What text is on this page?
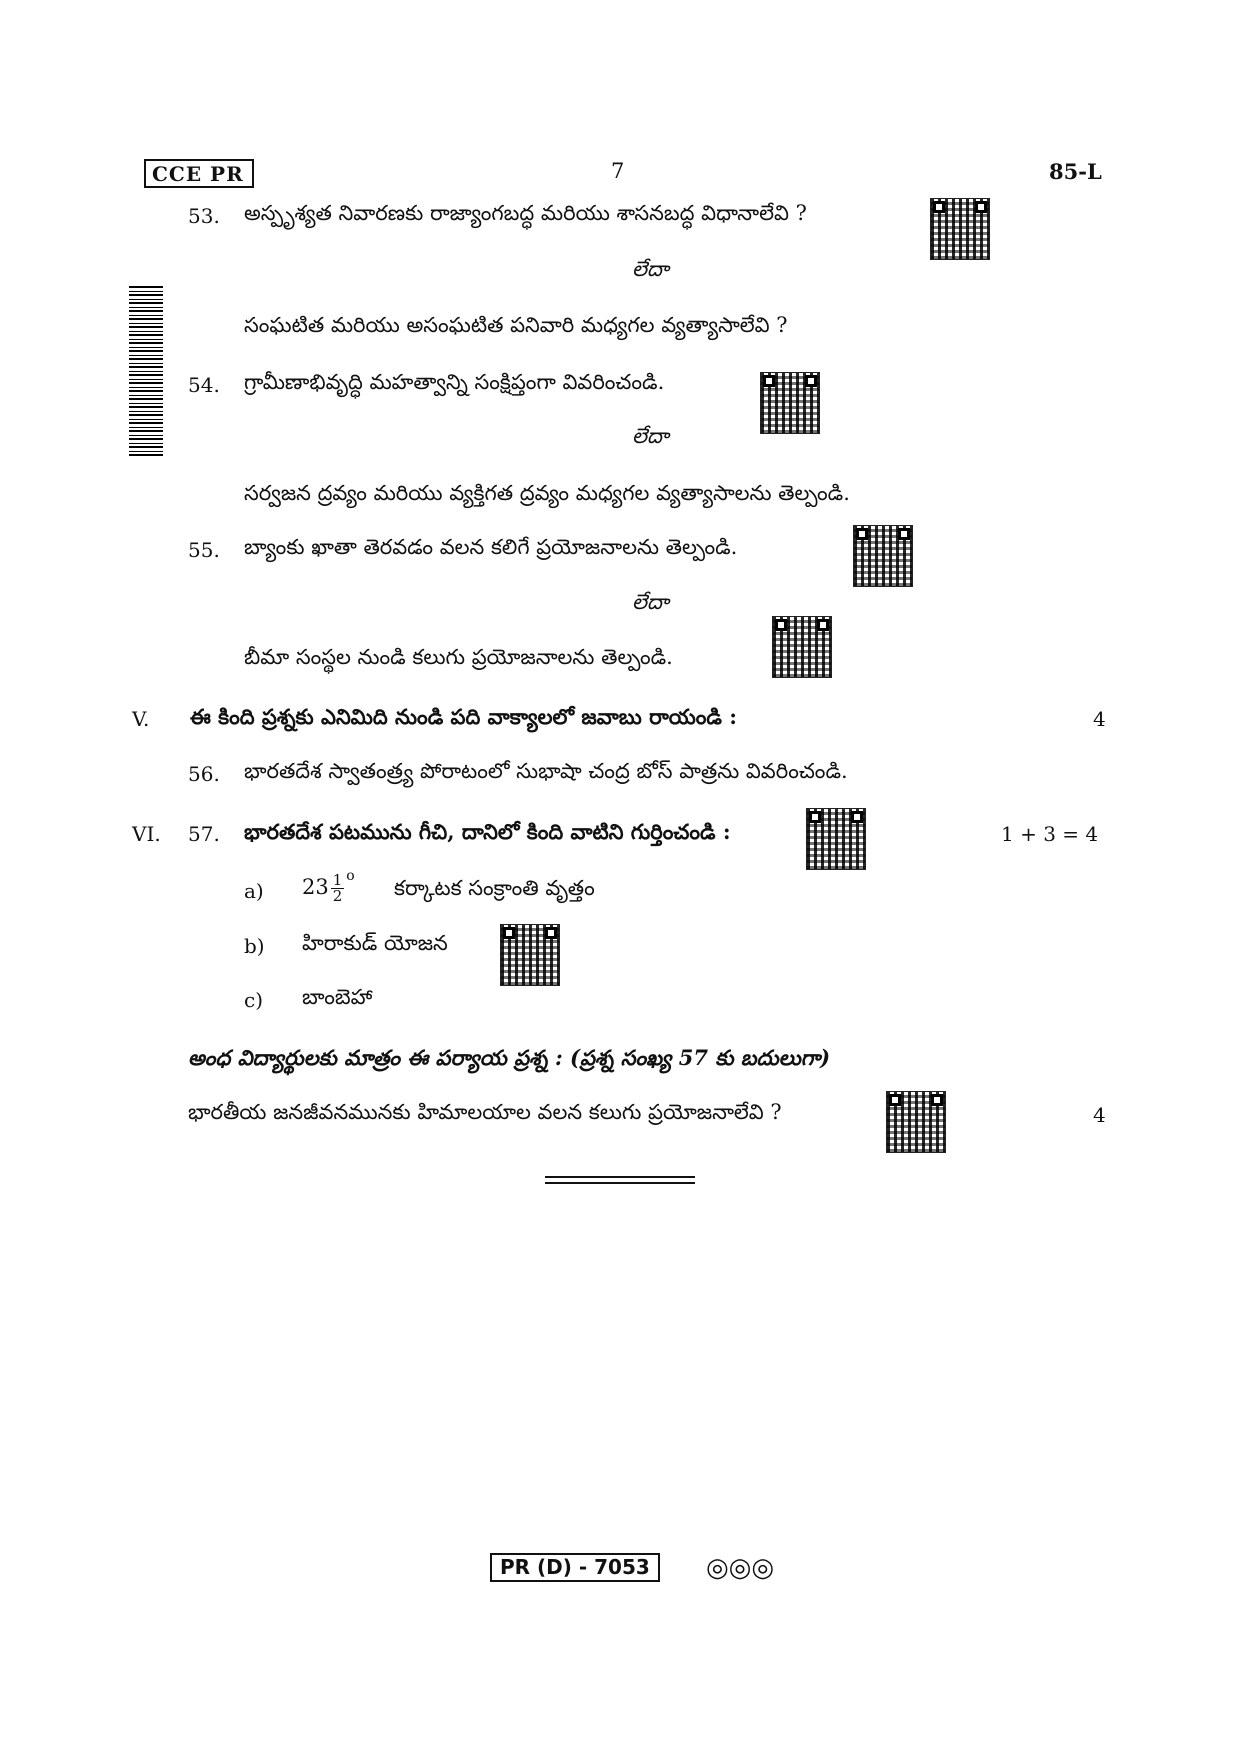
CCE PR	7	85-L
53. అస్పృశ్యత నివారణకు రాజ్యాంగబద్ధ మరియు శాసనబద్ధ విధానాలేవి ?
లేదా
సంఘటిత మరియు అసంఘటిత పనివారి మధ్యగల వ్యత్యాసాలేవి ?
54. గ్రామీణాభివృద్ధి మహత్వాన్ని సంక్షిప్తంగా వివరించండి.
లేదా
సర్వజన ద్రవ్యం మరియు వ్యక్తిగత ద్రవ్యం మధ్యగల వ్యత్యాసాలను తెల్పండి.
55. బ్యాంకు ఖాతా తెరవడం వలన కలిగే ప్రయోజనాలను తెల్పండి.
లేదా
బీమా సంస్థల నుండి కలుగు ప్రయోజనాలను తెల్పండి.
V. ఈ కింది ప్రశ్నకు ఎనిమిది నుండి పది వాక్యాలలో జవాబు రాయండి :	4
56. భారతదేశ స్వాతంత్ర్య పోరాటంలో సుభాషా చంద్ర బోస్ పాత్రను వివరించండి.
VI. 57. భారతదేశ పటమును గీచి, దానిలో కింది వాటిని గుర్తించండి :	1 + 3 = 4
a) $23 \frac{1}{2} ^o$ కర్కాటక సంక్రాంతి వృత్తం
b) హిరాకుడ్ యోజన
c) బాంబెహా
అంధ విద్యార్థులకు మాత్రం ఈ పర్యాయ ప్రశ్న : (ప్రశ్న సంఖ్య 57 కు బదులుగా)
భారతీయ జనజీవనమునకు హిమాలయాల వలన కలుగు ప్రయోజనాలేవి ?	4
PR (D) - 7053	◎◎◎
